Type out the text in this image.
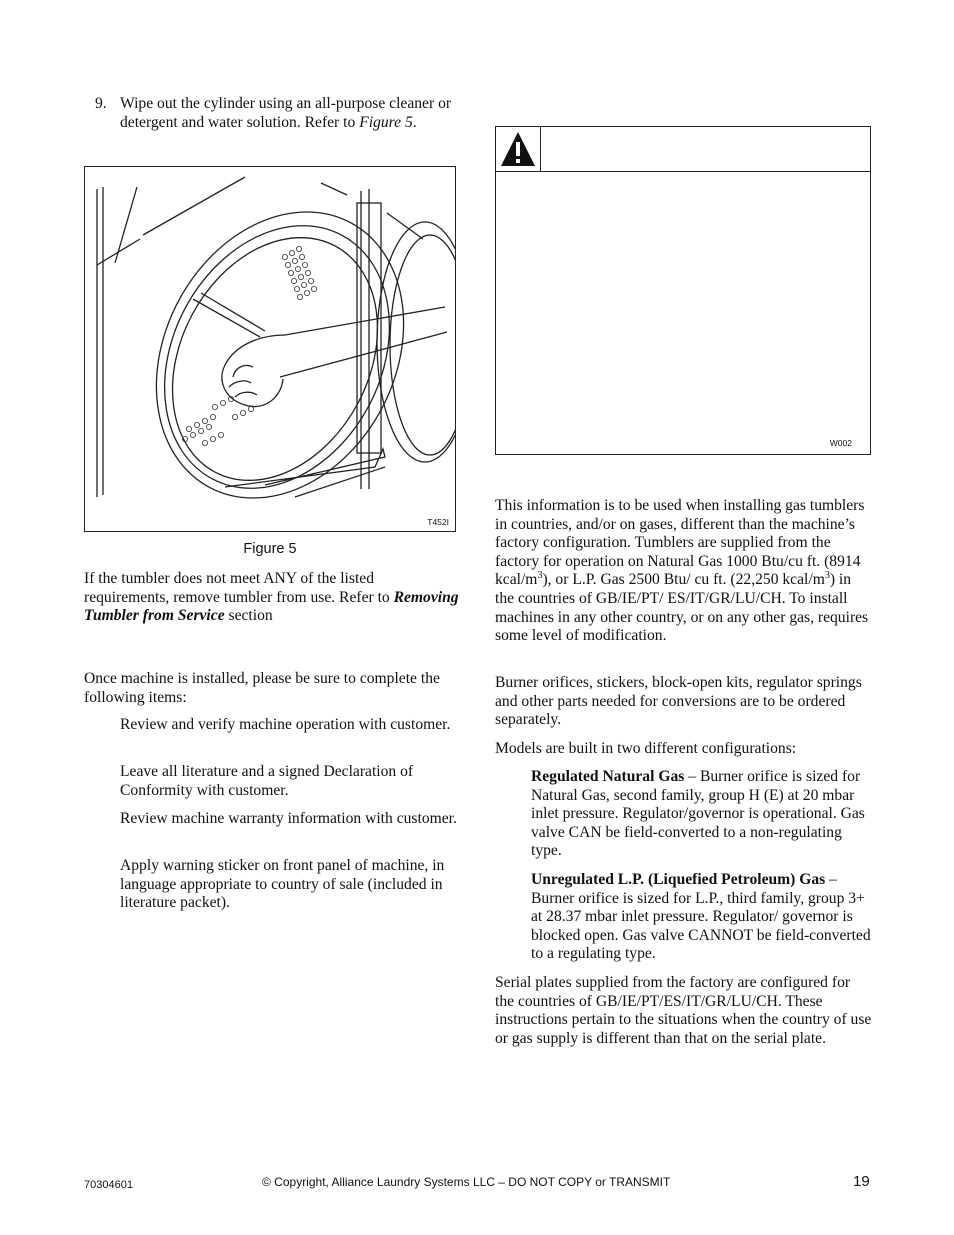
9. Wipe out the cylinder using an all-purpose cleaner or detergent and water solution. Refer to Figure 5.

T452I
Figure 5

If the tumbler does not meet ANY of the listed requirements, remove tumbler from use. Refer to Removing Tumbler from Service section

Once machine is installed, please be sure to complete the following items:

Review and verify machine operation with customer.

Leave all literature and a signed Declaration of Conformity with customer.

Review machine warranty information with customer.

Apply warning sticker on front panel of machine, in language appropriate to country of sale (included in literature packet).

W002

This information is to be used when installing gas tumblers in countries, and/or on gases, different than the machine’s factory configuration. Tumblers are supplied from the factory for operation on Natural Gas 1000 Btu/cu ft. (8914 kcal/$m^3$), or L.P. Gas 2500 Btu/ cu ft. (22,250 kcal/$m^3$) in the countries of GB/IE/PT/ ES/IT/GR/LU/CH. To install machines in any other country, or on any other gas, requires some level of modification.

Burner orifices, stickers, block-open kits, regulator springs and other parts needed for conversions are to be ordered separately.

Models are built in two different configurations:

Regulated Natural Gas – Burner orifice is sized for Natural Gas, second family, group H (E) at 20 mbar inlet pressure. Regulator/governor is operational. Gas valve CAN be field-converted to a non-regulating type.

Unregulated L.P. (Liquefied Petroleum) Gas – Burner orifice is sized for L.P., third family, group 3+ at 28.37 mbar inlet pressure. Regulator/ governor is blocked open. Gas valve CANNOT be field-converted to a regulating type.

Serial plates supplied from the factory are configured for the countries of GB/IE/PT/ES/IT/GR/LU/CH. These instructions pertain to the situations when the country of use or gas supply is different than that on the serial plate.

70304601	© Copyright, Alliance Laundry Systems LLC – DO NOT COPY or TRANSMIT	19
